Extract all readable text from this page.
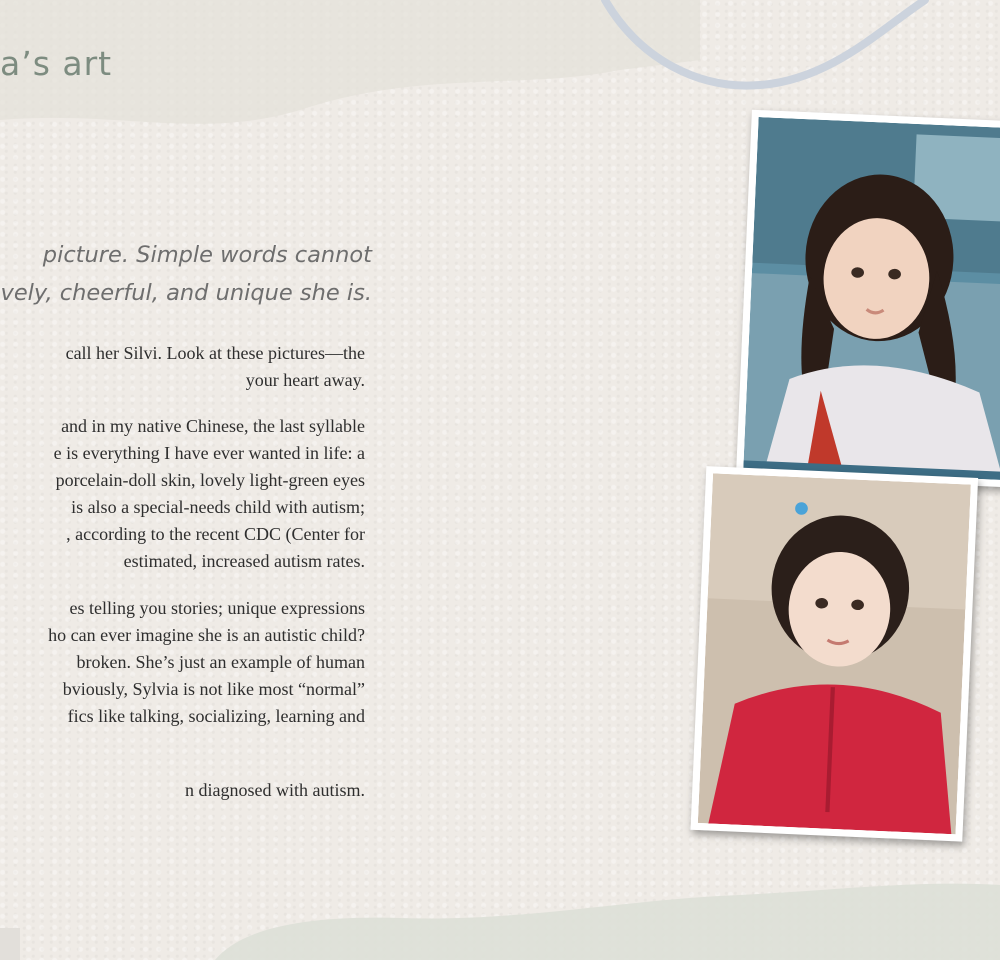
a’s art
picture. Simple words cannot
vely, cheerful, and unique she is.
call her Silvi. Look at these pictures—the
your heart away.
and in my native Chinese, the last syllable
e is everything I have ever wanted in life: a
porcelain-doll skin, lovely light-green eyes
is also a special-needs child with autism;
, according to the recent CDC (Center for
estimated, increased autism rates.
es telling you stories; unique expressions
ho can ever imagine she is an autistic child?
broken. She’s just an example of human
bviously, Sylvia is not like most “normal”
fics like talking, socializing, learning and
n diagnosed with autism.
